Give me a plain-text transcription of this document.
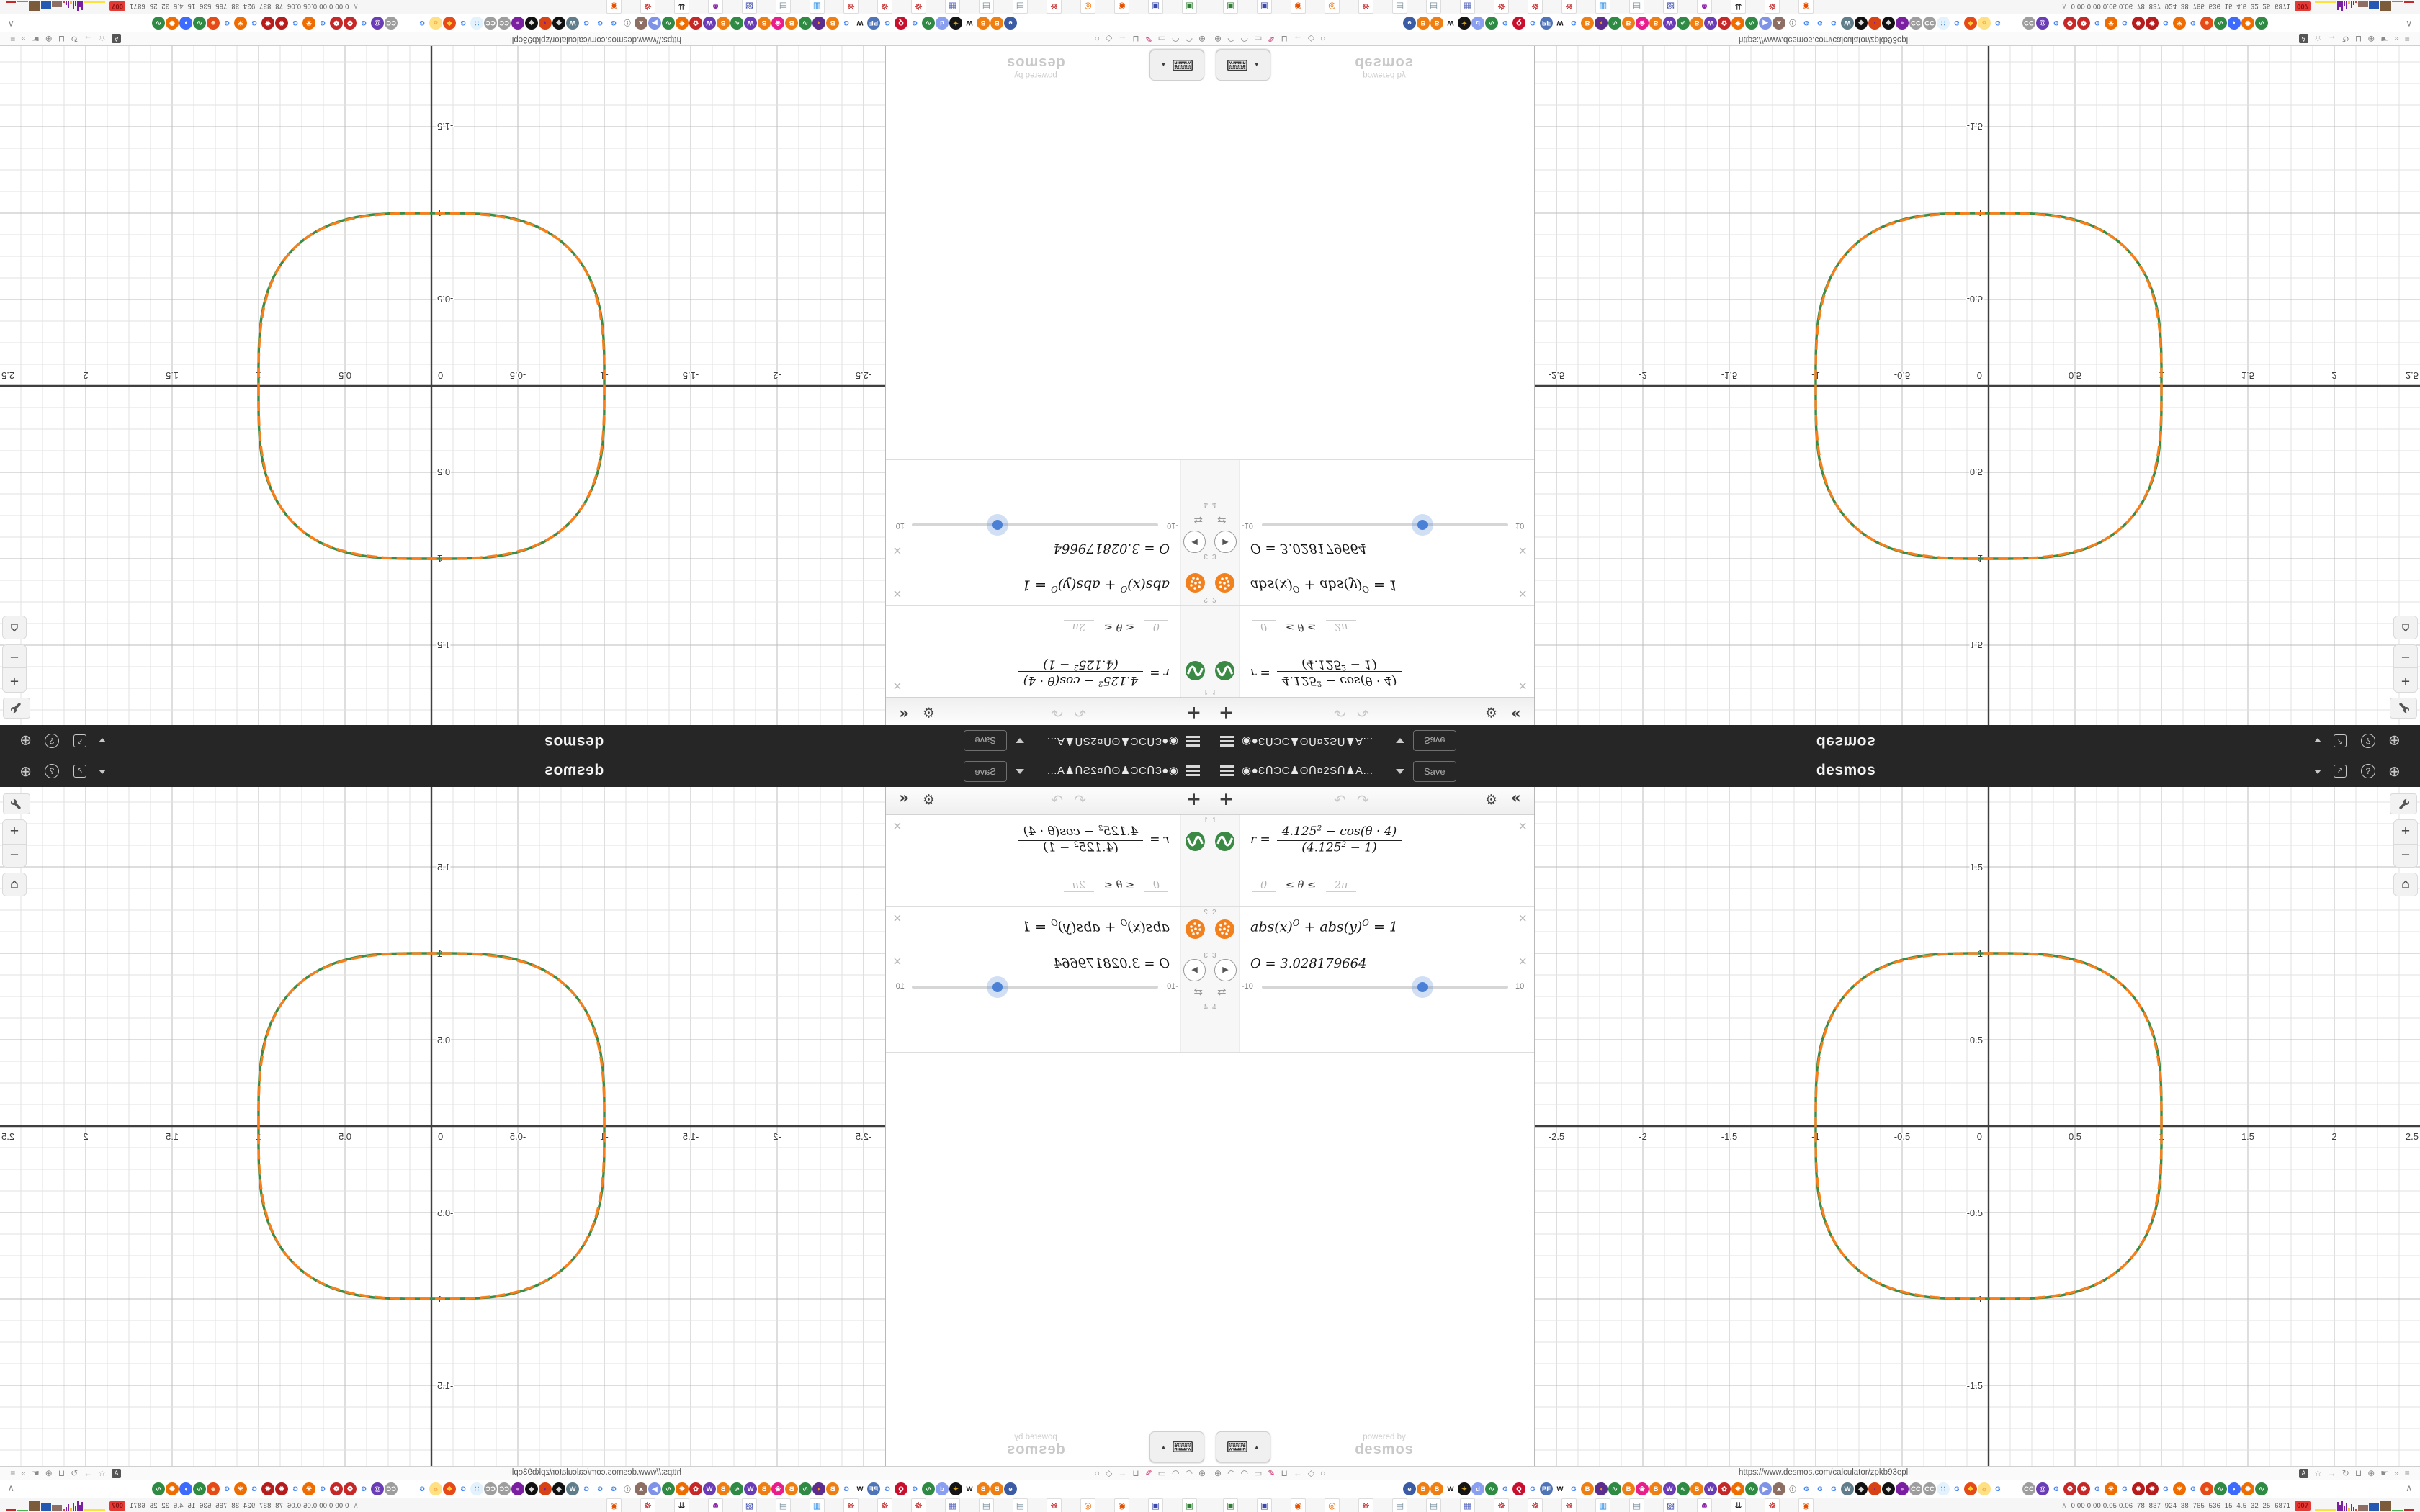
◉●ƐՈƆC♟ΘՈ¤2SՈ♟A...	Save	desmos	↗	?	⊕
+	↶ ↷	⚙ «
1
$r = \frac{4.125^2 - \cos(\theta \cdot 4)}{(4.125^2 - 1)}$
0 ≤ θ ≤ 2π
×
2
$abs(x)^O + abs(y)^O = 1$
×
3
▶
⇄
O = 3.028179664
-10	10
×
4
⌨ ▲
powered by
desmos
-2.5	-2	-1.5	-1	-0.5	0	0.5	1	1.5	2	2.5
1.5
1
0.5
-0.5
-1
-1.5
+
−
⌂
⊕ ◠ ◠ ▭ ✎ ⊔ ← ◇ ○	https://www.desmos.com/calculator/zpkb93epli	A ☆ → ↻ ⊔ ⊕ ☛ » ≡
e	B	B	W	✦	d	∿	G	Q	G PF W	G	B	◖	∿	B	❀	B	W	∿	B	W	✿	✸	∿	▶	ᴥ	ⓘ	G	G	G	W	◆	◖	◆	● CC CC ∷	G	❖	☼	G	CC @	G	❁	❁	G	☀	G	✹	✹	G	☀	G	☻	∿	◗	✺	∿	∧
▣	▣	◉	◎	☸	▤	▤	▦	☸	☸	☸	▥	▤	▨	☻	⇊	☸	◉	∧ 0.00 0.00 0.05 0.06  78  837  924  38  765  536  15  4.5  32  25  6871 007
◉●ƐՈƆC♟ΘՈ¤2SՈ♟A...
Save
desmos
↗
?
⊕
+
↶
↷
⚙
«
1
r =
$\frac{4.125^2 - \cos(\theta \cdot 4)}{(4.125^2 - 1)}$
0 ≤ θ ≤ 2π
×
2
$abs(x)^O + abs(y)^O = 1$
×
3
▶
⇄
O = 3.028179664
-10
10
×
4
⌨
▲
powered by
desmos
-2.5
-2
-1.5
-1
-0.5
0
0.5
1
1.5
2
2.5
1.5
1
0.5
-0.5
-1
-1.5
+
−
⌂
⊕
◠
◠
▭
✎
⊔
←
◇
○
https://www.desmos.com/calculator/zpkb93epli
A
☆
→
↻
⊔
⊕
☛
»
≡
e
B
B
W
✦
d
∿
G
Q
G
PF
W
G
B
◖
∿
B
❀
B
W
∿
B
W
✿
✸
∿
▶
ᴥ
ⓘ
G
G
G
W
◆
◖
◆
●
CC
CC
∷
G
❖
☼
G
CC
@
G
❁
❁
G
☀
G
✹
✹
G
☀
G
☻
∿
◗
✺
∿
∧
▣
▣
◉
◎
☸
▤
▤
▦
☸
☸
☸
▥
▤
▨
☻
⇊
☸
◉
∧
0.00 0.00 0.05 0.06  78  837  924  38  765  536  15  4.5  32  25  6871
007
◉●ƐՈƆC♟ΘՈ¤2SՈ♟A...	Save	desmos	↗	?	⊕
+	↶ ↷	⚙ «
1
r =
$4.125^2 - \cos(\theta \cdot 4)$
$(4.125^2 - 1)$
0 ≤ θ ≤ 2π
×
2
$abs(x)^O + abs(y)^O = 1$
×
3
▶
⇄
O = 3.028179664
-10	10
×
4
⌨ ▲
powered by
desmos
-2.5	-2	-1.5	-1	-0.5	0	0.5	1	1.5	2	2.5
1.5
1
0.5
-0.5
-1
-1.5
+
−
⌂
⊕ ◠ ◠ ▭ ✎ ⊔ ← ◇ ○	https://www.desmos.com/calculator/zpkb93epli	A ☆ → ↻ ⊔ ⊕ ☛ » ≡
e	B	B	W	✦	d	∿	G	Q	G PF W	G	B	◖	∿	B	❀	B	W	∿	B	W	✿	✸	∿	▶	ᴥ	ⓘ	G	G	G	W	◆	◖	◆	● CC CC ∷	G	❖	☼	G	CC @	G	❁	❁	G	☀	G	✹	✹	G	☀	G	☻	∿	◗	✺	∿	∧
▣	▣	◉	◎	☸	▤	▤	▦	☸	☸	☸	▥	▤	▨	☻	⇊	☸	◉	∧ 0.00 0.00 0.05 0.06  78  837  924  38  765  536  15  4.5  32  25  6871 007
◉●ƐՈƆC♟ΘՈ¤2SՈ♟A...
Save
desmos
↗
?
⊕
+
↶
↷
⚙
«
1
r =
$4.125^2 - \cos(\theta \cdot 4)$
$(4.125^2 - 1)$
0 ≤ θ ≤ 2π
×
2
$abs(x)^O + abs(y)^O = 1$
×
3
▶
⇄
O = 3.028179664
-10
10
×
4
⌨
▲
powered by
desmos
-2.5
-2
-1.5
-1
-0.5
0
0.5
1
1.5
2
2.5
1.5
1
0.5
-0.5
-1
-1.5
+
−
⌂
⊕
◠
◠
▭
✎
⊔
←
◇
○
https://www.desmos.com/calculator/zpkb93epli
A
☆
→
↻
⊔
⊕
☛
»
≡
e
B
B
W
✦
d
∿
G
Q
G
PF
W
G
B
◖
∿
B
❀
B
W
∿
B
W
✿
✸
∿
▶
ᴥ
ⓘ
G
G
G
W
◆
◖
◆
●
CC
CC
∷
G
❖
☼
G
CC
@
G
❁
❁
G
☀
G
✹
✹
G
☀
G
☻
∿
◗
✺
∿
∧
▣
▣
◉
◎
☸
▤
▤
▦
☸
☸
☸
▥
▤
▨
☻
⇊
☸
◉
∧
0.00 0.00 0.05 0.06  78  837  924  38  765  536  15  4.5  32  25  6871
007
